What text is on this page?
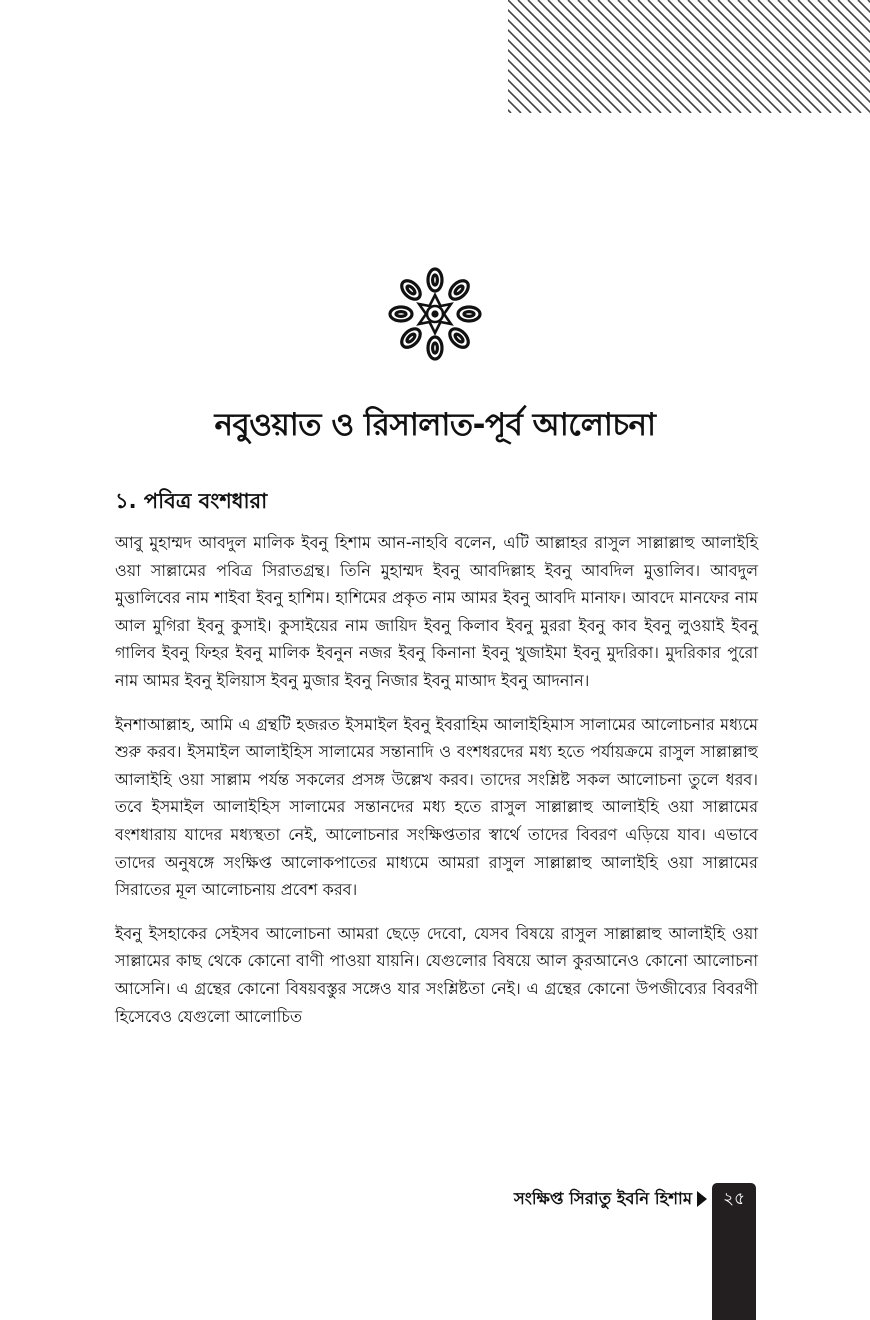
নবুওয়াত ও রিসালাত-পূর্ব আলোচনা
১. পবিত্র বংশধারা

আবু মুহাম্মদ আবদুল মালিক ইবনু হিশাম আন-নাহবি বলেন, এটি আল্লাহর রাসুল সাল্লাল্লাহু আলাইহি ওয়া সাল্লামের পবিত্র সিরাতগ্রন্থ। তিনি মুহাম্মদ ইবনু আবদিল্লাহ ইবনু আবদিল মুত্তালিব। আবদুল মুত্তালিবের নাম শাইবা ইবনু হাশিম। হাশিমের প্রকৃত নাম আমর ইবনু আবদি মানাফ। আবদে মানফের নাম আল মুগিরা ইবনু কুসাই। কুসাইয়ের নাম জায়িদ ইবনু কিলাব ইবনু মুররা ইবনু কাব ইবনু লুওয়াই ইবনু গালিব ইবনু ফিহর ইবনু মালিক ইবনুন নজর ইবনু কিনানা ইবনু খুজাইমা ইবনু মুদরিকা। মুদরিকার পুরো নাম আমর ইবনু ইলিয়াস ইবনু মুজার ইবনু নিজার ইবনু মাআদ ইবনু আদনান।

ইনশাআল্লাহ, আমি এ গ্রন্থটি হজরত ইসমাইল ইবনু ইবরাহিম আলাইহিমাস সালামের আলোচনার মধ্যমে শুরু করব। ইসমাইল আলাইহিস সালামের সন্তানাদি ও বংশধরদের মধ্য হতে পর্যায়ক্রমে রাসুল সাল্লাল্লাহু আলাইহি ওয়া সাল্লাম পর্যন্ত সকলের প্রসঙ্গ উল্লেখ করব। তাদের সংশ্লিষ্ট সকল আলোচনা তুলে ধরব। তবে ইসমাইল আলাইহিস সালামের সন্তানদের মধ্য হতে রাসুল সাল্লাল্লাহু আলাইহি ওয়া সাল্লামের বংশধারায় যাদের মধ্যস্থতা নেই, আলোচনার সংক্ষিপ্ততার স্বার্থে তাদের বিবরণ এড়িয়ে যাব। এভাবে তাদের অনুষঙ্গে সংক্ষিপ্ত আলোকপাতের মাধ্যমে আমরা রাসুল সাল্লাল্লাহু আলাইহি ওয়া সাল্লামের সিরাতের মূল আলোচনায় প্রবেশ করব।

ইবনু ইসহাকের সেইসব আলোচনা আমরা ছেড়ে দেবো, যেসব বিষয়ে রাসুল সাল্লাল্লাহু আলাইহি ওয়া সাল্লামের কাছ থেকে কোনো বাণী পাওয়া যায়নি। যেগুলোর বিষয়ে আল কুরআনেও কোনো আলোচনা আসেনি। এ গ্রন্থের কোনো বিষয়বস্তুর সঙ্গেও যার সংশ্লিষ্টতা নেই। এ গ্রন্থের কোনো উপজীব্যের বিবরণী হিসেবেও যেগুলো আলোচিত

সংক্ষিপ্ত সিরাতু ইবনি হিশাম	২৫
